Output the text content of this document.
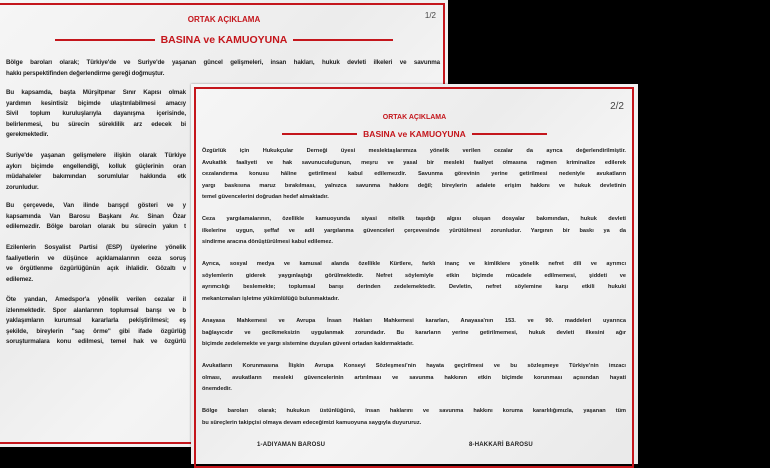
1/2
ORTAK AÇIKLAMA
BASINA ve KAMUOYUNA
Bölge baroları olarak; Türkiye'de ve Suriye'de yaşanan güncel gelişmeleri, insan hakları, hukuk devleti ilkeleri ve savunma
hakkı perspektifinden değerlendirme gereği doğmuştur.
Bu kapsamda, başta Mürşitpınar Sınır Kapısı olmak
yardımın kesintisiz biçimde ulaştırılabilmesi amacıy
Sivil toplum kuruluşlarıyla dayanışma içerisinde,
belirlenmesi, bu sürecin süreklilik arz edecek bi
gerekmektedir.
Suriye'de yaşanan gelişmelere ilişkin olarak Türkiye
aykırı biçimde engellendiği, kolluk güçlerinin oran
müdahaleler bakımından sorumlular hakkında etk
zorunludur.
Bu çerçevede, Van ilinde barışçıl gösteri ve y
kapsamında Van Barosu Başkanı Av. Sinan Özar
edilemezdir. Bölge baroları olarak bu sürecin yakın t
Ezilenlerin Sosyalist Partisi (ESP) üyelerine yönelik
faaliyetlerin ve düşünce açıklamalarının ceza soruş
ve örgütlenme özgürlüğünün açık ihlalidir. Gözaltı v
edilemez.
Öte yandan, Amedspor'a yönelik verilen cezalar il
izlenmektedir. Spor alanlarının toplumsal barışı ve b
yaklaşımların kurumsal kararlarla pekiştirilmesi; eş
şekilde, bireylerin "saç örme" gibi ifade özgürlüğ
soruşturmalara konu edilmesi, temel hak ve özgürlü
2/2
ORTAK AÇIKLAMA
BASINA ve KAMUOYUNA
Özgürlük için Hukukçular Derneği üyesi meslektaşlarımıza yönelik verilen cezalar da ayrıca değerlendirilmiştir.
Avukatlık faaliyeti ve hak savunuculuğunun, meşru ve yasal bir mesleki faaliyet olmasına rağmen kriminalize edilerek
cezalandırma konusu hâline getirilmesi kabul edilemezdir. Savunma görevinin yerine getirilmesi nedeniyle avukatların
yargı baskısına maruz bırakılması, yalnızca savunma hakkını değil; bireylerin adalete erişim hakkını ve hukuk devletinin
temel güvencelerini doğrudan hedef almaktadır.
Ceza yargılamalarının, özellikle kamuoyunda siyasi nitelik taşıdığı algısı oluşan dosyalar bakımından, hukuk devleti
ilkelerine uygun, şeffaf ve adil yargılanma güvenceleri çerçevesinde yürütülmesi zorunludur. Yargının bir baskı ya da
sindirme aracına dönüştürülmesi kabul edilemez.
Ayrıca, sosyal medya ve kamusal alanda özellikle Kürtlere, farklı inanç ve kimliklere yönelik nefret dili ve ayrımcı
söylemlerin giderek yaygınlaştığı görülmektedir. Nefret söylemiyle etkin biçimde mücadele edilmemesi, şiddeti ve
ayrımcılığı beslemekte; toplumsal barışı derinden zedelemektedir. Devletin, nefret söylemine karşı etkili hukuki
mekanizmaları işletme yükümlülüğü bulunmaktadır.
Anayasa Mahkemesi ve Avrupa İnsan Hakları Mahkemesi kararları, Anayasa'nın 153. ve 90. maddeleri uyarınca
bağlayıcıdır ve gecikmeksizin uygulanmak zorundadır. Bu kararların yerine getirilmemesi, hukuk devleti ilkesini ağır
biçimde zedelemekte ve yargı sistemine duyulan güveni ortadan kaldırmaktadır.
Avukatların Korunmasına İlişkin Avrupa Konseyi Sözleşmesi'nin hayata geçirilmesi ve bu sözleşmeye Türkiye'nin imzacı
olması, avukatların mesleki güvencelerinin artırılması ve savunma hakkının etkin biçimde korunması açısından hayati
önemdedir.
Bölge baroları olarak; hukukun üstünlüğünü, insan haklarını ve savunma hakkını koruma kararlılığımızla, yaşanan tüm
bu süreçlerin takipçisi olmaya devam edeceğimizi kamuoyuna saygıyla duyururuz.
1-ADIYAMAN BAROSU	8-HAKKARİ BAROSU
